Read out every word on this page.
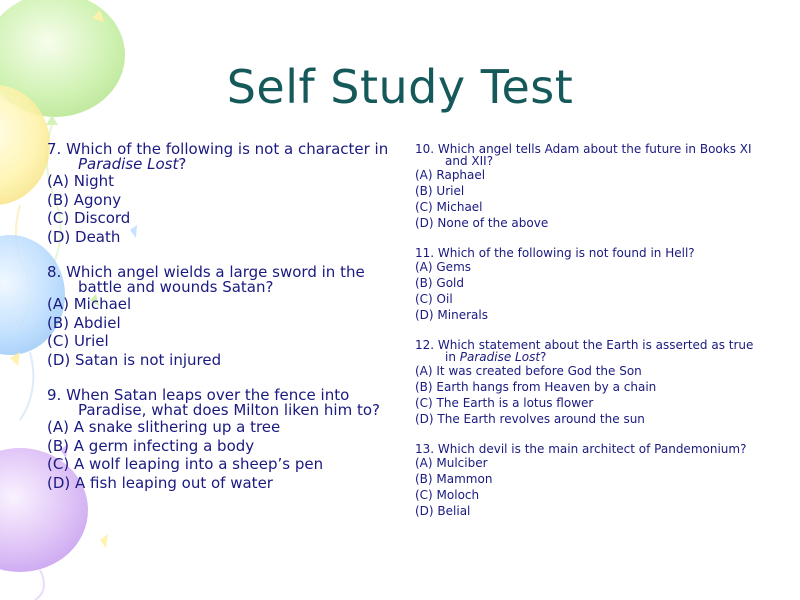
Self Study Test

7. Which of the following is not a character in Paradise Lost?

(A) Night

(B) Agony

(C) Discord

(D) Death

8. Which angel wields a large sword in the battle and wounds Satan?

(A) Michael

(B) Abdiel

(C) Uriel

(D) Satan is not injured

9. When Satan leaps over the fence into Paradise, what does Milton liken him to?

(A) A snake slithering up a tree

(B) A germ infecting a body

(C) A wolf leaping into a sheep’s pen

(D) A fish leaping out of water

10. Which angel tells Adam about the future in Books XI and XII?

(A) Raphael

(B) Uriel

(C) Michael

(D) None of the above

11. Which of the following is not found in Hell?

(A) Gems

(B) Gold

(C) Oil

(D) Minerals

12. Which statement about the Earth is asserted as true in Paradise Lost?

(A) It was created before God the Son

(B) Earth hangs from Heaven by a chain

(C) The Earth is a lotus flower

(D) The Earth revolves around the sun

13. Which devil is the main architect of Pandemonium?

(A) Mulciber

(B) Mammon

(C) Moloch

(D) Belial
